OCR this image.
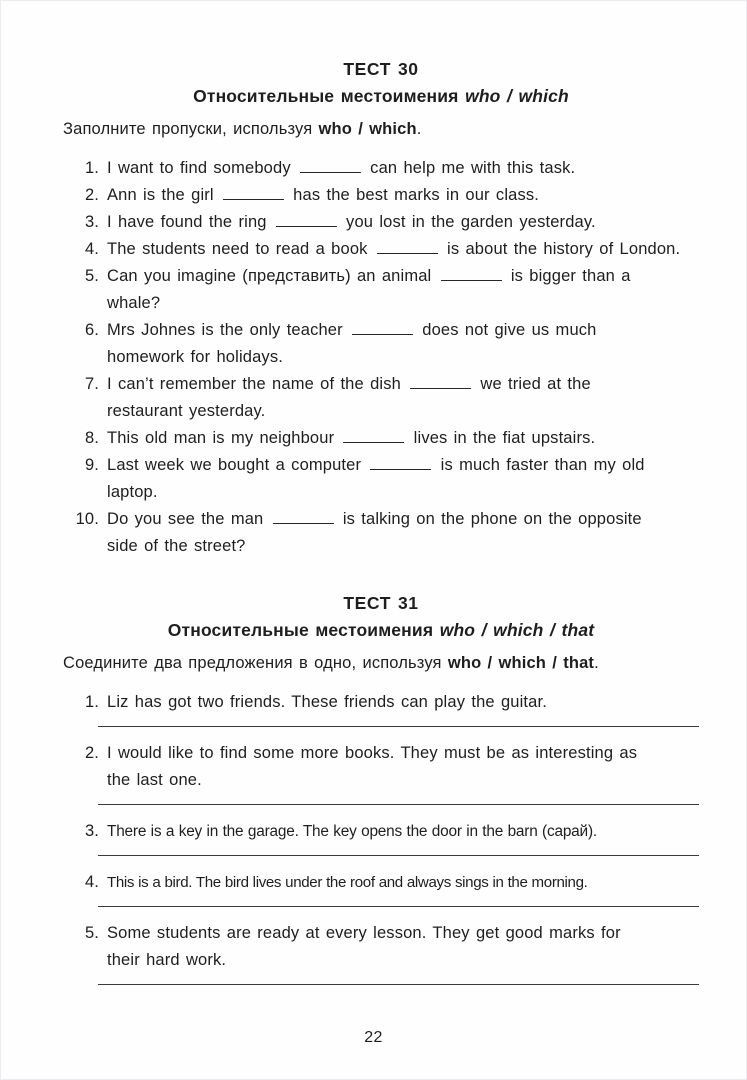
ТЕСТ 30
Относительные местоимения who / which

Заполните пропуски, используя who / which.

1. I want to find somebody	can help me with this task.
2. Ann is the girl	has the best marks in our class.
3. I have found the ring	you lost in the garden yesterday.
4. The students need to read a book	is about the history of London.
5. Can you imagine (представить) an animal	is bigger than a
whale?
6. Mrs Johnes is the only teacher	does not give us much
homework for holidays.
7. I can’t remember the name of the dish	we tried at the
restaurant yesterday.
8. This old man is my neighbour	lives in the fiat upstairs.
9. Last week we bought a computer	is much faster than my old
laptop.
10. Do you see the man	is talking on the phone on the opposite
side of the street?
ТЕСТ 31
Относительные местоимения who / which / that

Соедините два предложения в одно, используя who / which / that.

1. Liz has got two friends. These friends can play the guitar.
2. I would like to find some more books. They must be as interesting as
the last one.
3. There is a key in the garage. The key opens the door in the barn (сарай).
4. This is a bird. The bird lives under the roof and always sings in the morning.
5. Some students are ready at every lesson. They get good marks for
their hard work.
22
